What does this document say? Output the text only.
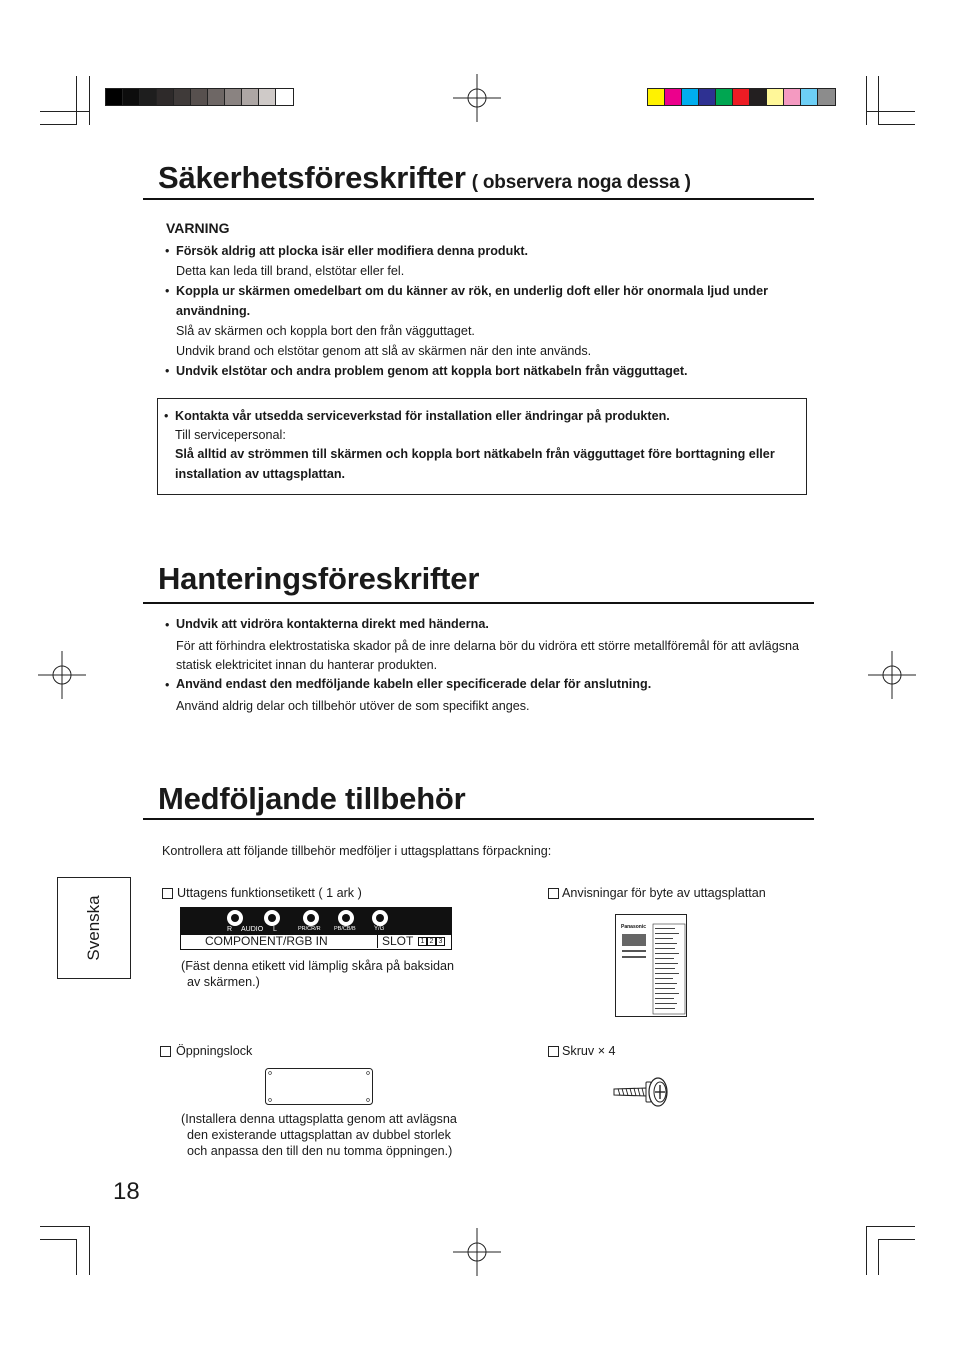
Säkerhetsföreskrifter ( observera noga dessa )
VARNING
• Försök aldrig att plocka isär eller modifiera denna produkt.
Detta kan leda till brand, elstötar eller fel.
• Koppla ur skärmen omedelbart om du känner av rök, en underlig doft eller hör onormala ljud under
användning.
Slå av skärmen och koppla bort den från vägguttaget.
Undvik brand och elstötar genom att slå av skärmen när den inte används.
• Undvik elstötar och andra problem genom att koppla bort nätkabeln från vägguttaget.
• Kontakta vår utsedda serviceverkstad för installation eller ändringar på produkten.
Till servicepersonal:
Slå alltid av strömmen till skärmen och koppla bort nätkabeln från vägguttaget före borttagning eller
installation av uttagsplattan.
Hanteringsföreskrifter
• Undvik att vidröra kontakterna direkt med händerna.
För att förhindra elektrostatiska skador på de inre delarna bör du vidröra ett större metallföremål för att avlägsna
statisk elektricitet innan du hanterar produkten.
• Använd endast den medföljande kabeln eller specificerade delar för anslutning.
Använd aldrig delar och tillbehör utöver de som specifikt anges.
Medföljande tillbehör
Kontrollera att följande tillbehör medföljer i uttagsplattans förpackning:
Svenska
Uttagens funktionsetikett ( 1 ark )
R AUDIO L	PR/CR/R PB/CB/B	Y/G
COMPONENT/RGB IN	SLOT	1 2 3
(Fäst denna etikett vid lämplig skåra på baksidan
av skärmen.)
Anvisningar för byte av uttagsplattan
Panasonic
Öppningslock
(Installera denna uttagsplatta genom att avlägsna
den existerande uttagsplattan av dubbel storlek
och anpassa den till den nu tomma öppningen.)
Skruv × 4
18
